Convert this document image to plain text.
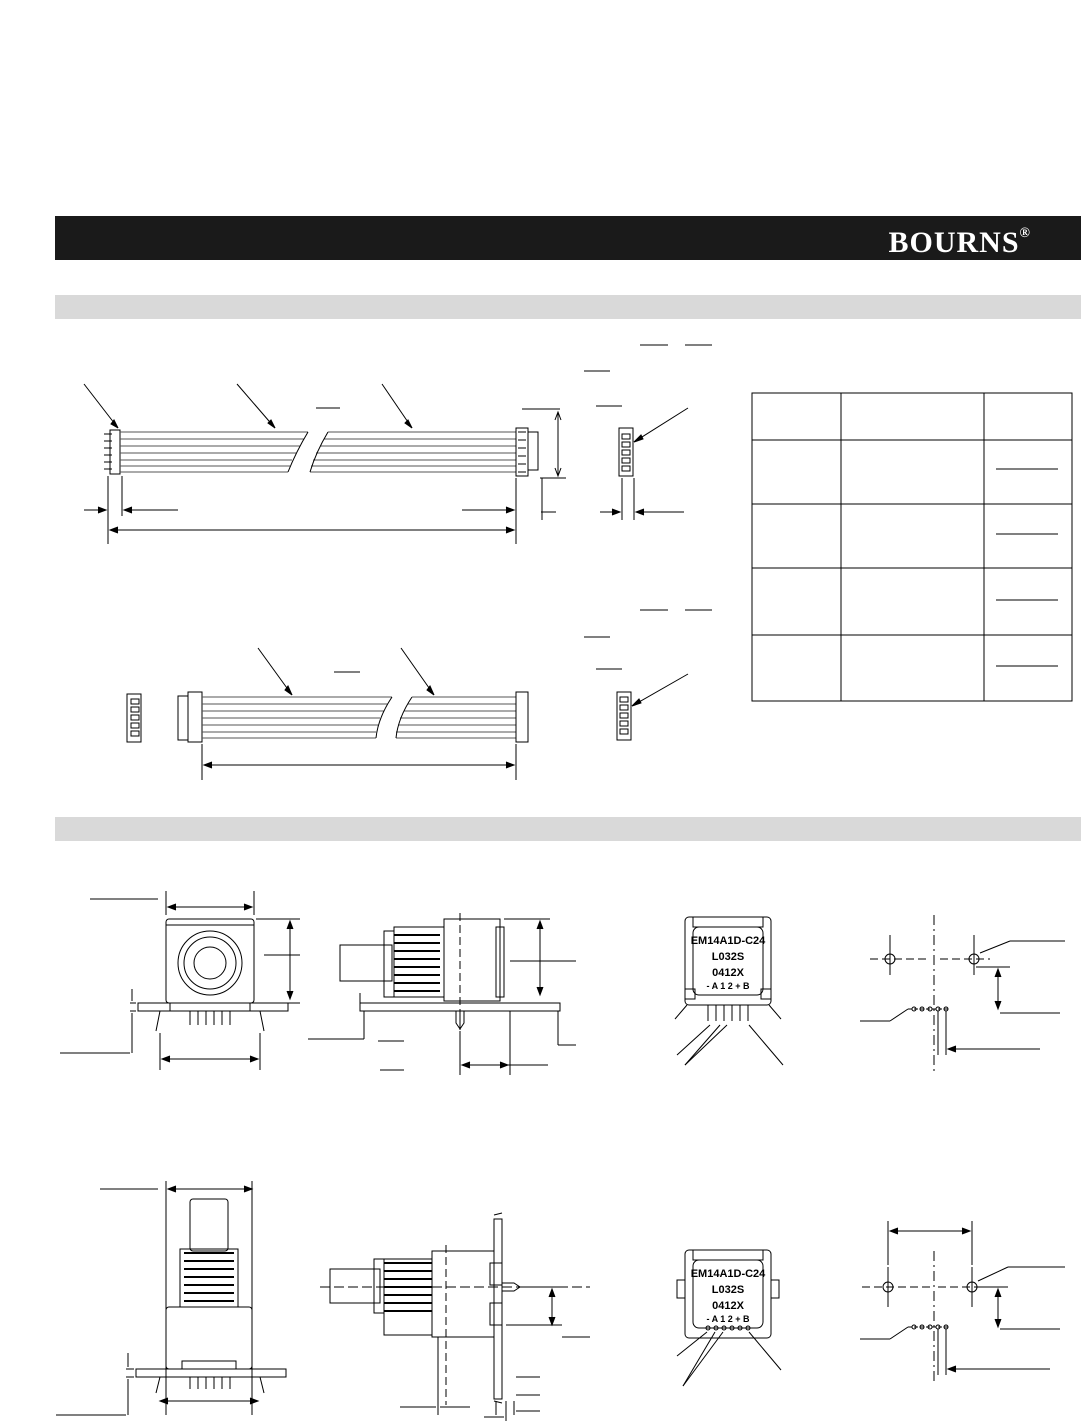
BOURNS®
EM14A1D-C24
L032S
0412X
- A 1 2 + B
EM14A1D-C24
L032S
0412X
- A 1 2 + B
